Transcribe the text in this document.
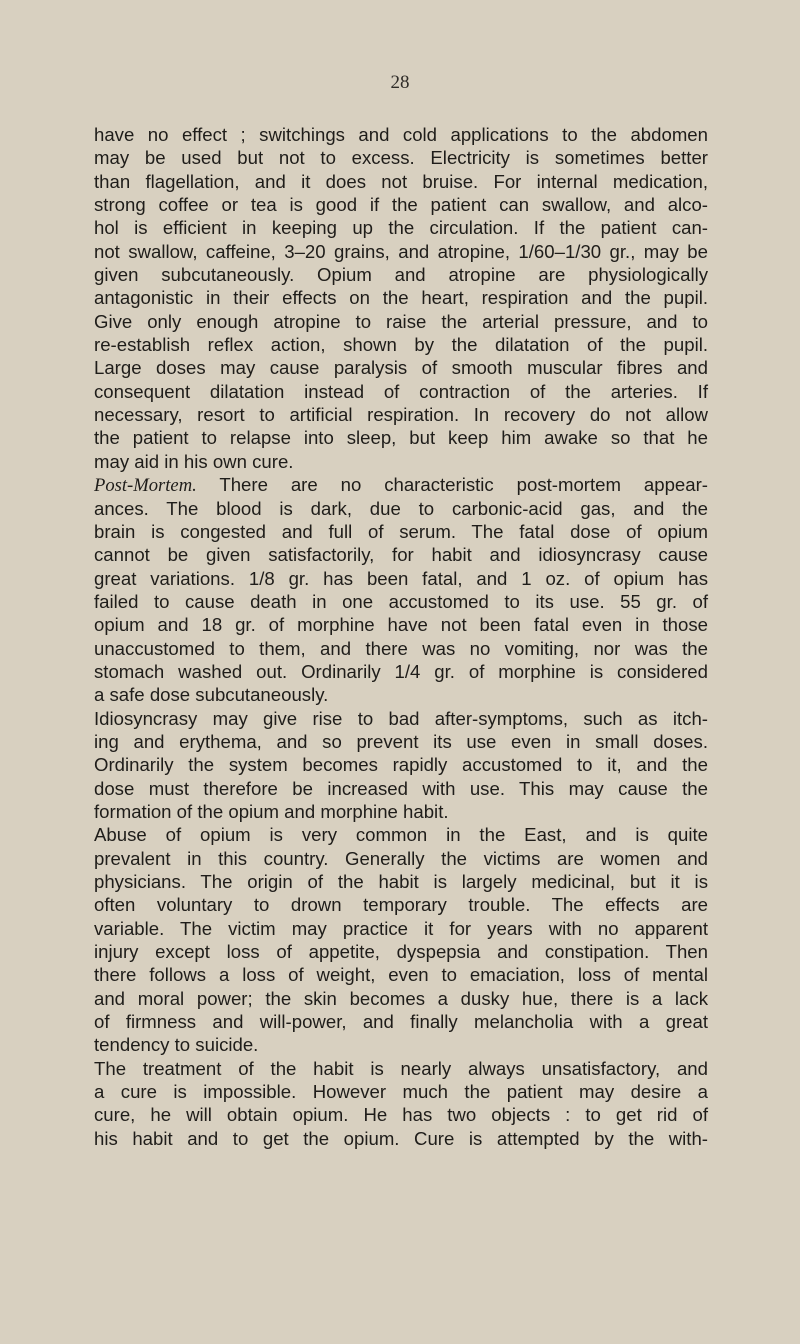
28
have no effect ; switchings and cold applications to the abdomen
may be used but not to excess. Electricity is sometimes better
than flagellation, and it does not bruise. For internal medication,
strong coffee or tea is good if the patient can swallow, and alco-
hol is efficient in keeping up the circulation. If the patient can-
not swallow, caffeine, 3–20 grains, and atropine, 1/60–1/30 gr., may be
given subcutaneously. Opium and atropine are physiologically
antagonistic in their effects on the heart, respiration and the pupil.
Give only enough atropine to raise the arterial pressure, and to
re-establish reflex action, shown by the dilatation of the pupil.
Large doses may cause paralysis of smooth muscular fibres and
consequent dilatation instead of contraction of the arteries. If
necessary, resort to artificial respiration. In recovery do not allow
the patient to relapse into sleep, but keep him awake so that he
may aid in his own cure.
Post-Mortem. There are no characteristic post-mortem appear-
ances. The blood is dark, due to carbonic-acid gas, and the
brain is congested and full of serum. The fatal dose of opium
cannot be given satisfactorily, for habit and idiosyncrasy cause
great variations. 1/8 gr. has been fatal, and 1 oz. of opium has
failed to cause death in one accustomed to its use. 55 gr. of
opium and 18 gr. of morphine have not been fatal even in those
unaccustomed to them, and there was no vomiting, nor was the
stomach washed out. Ordinarily 1/4 gr. of morphine is considered
a safe dose subcutaneously.
Idiosyncrasy may give rise to bad after-symptoms, such as itch-
ing and erythema, and so prevent its use even in small doses.
Ordinarily the system becomes rapidly accustomed to it, and the
dose must therefore be increased with use. This may cause the
formation of the opium and morphine habit.
Abuse of opium is very common in the East, and is quite
prevalent in this country. Generally the victims are women and
physicians. The origin of the habit is largely medicinal, but it is
often voluntary to drown temporary trouble. The effects are
variable. The victim may practice it for years with no apparent
injury except loss of appetite, dyspepsia and constipation. Then
there follows a loss of weight, even to emaciation, loss of mental
and moral power; the skin becomes a dusky hue, there is a lack
of firmness and will-power, and finally melancholia with a great
tendency to suicide.
The treatment of the habit is nearly always unsatisfactory, and
a cure is impossible. However much the patient may desire a
cure, he will obtain opium. He has two objects : to get rid of
his habit and to get the opium. Cure is attempted by the with-
